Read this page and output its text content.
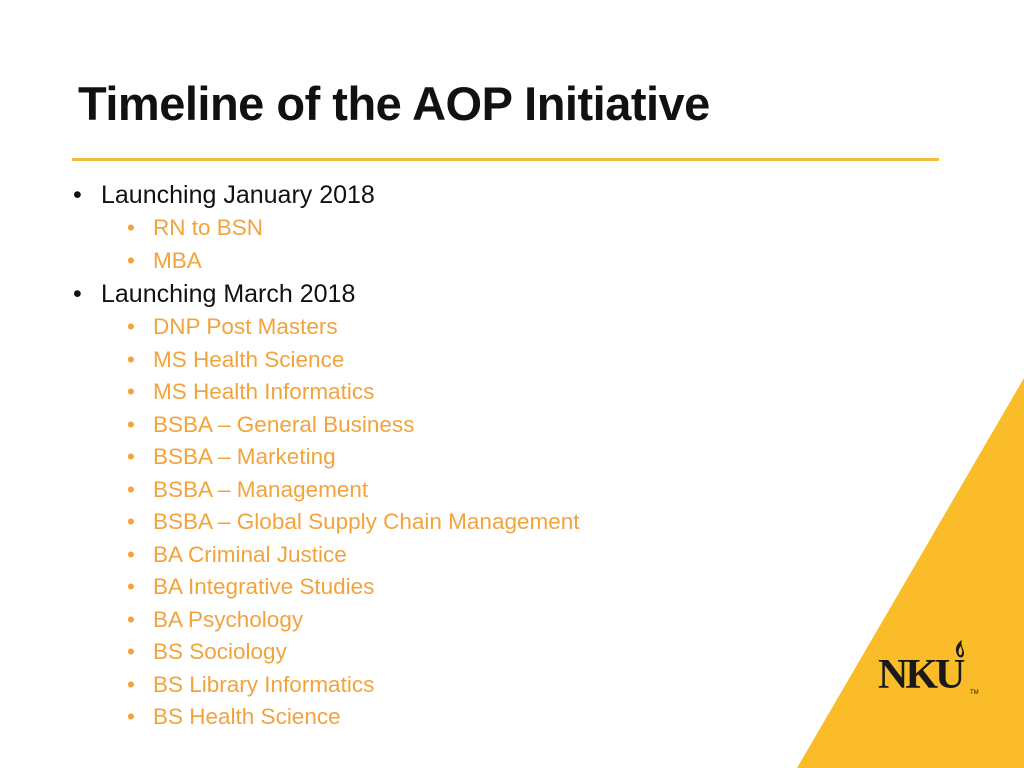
Timeline of the AOP Initiative
• Launching January 2018
• RN to BSN
• MBA
• Launching March 2018
• DNP Post Masters
• MS Health Science
• MS Health Informatics
• BSBA – General Business
• BSBA – Marketing
• BSBA – Management
• BSBA – Global Supply Chain Management
• BA Criminal Justice
• BA Integrative Studies
• BA Psychology
• BS Sociology
• BS Library Informatics
• BS Health Science
NKU	TM
